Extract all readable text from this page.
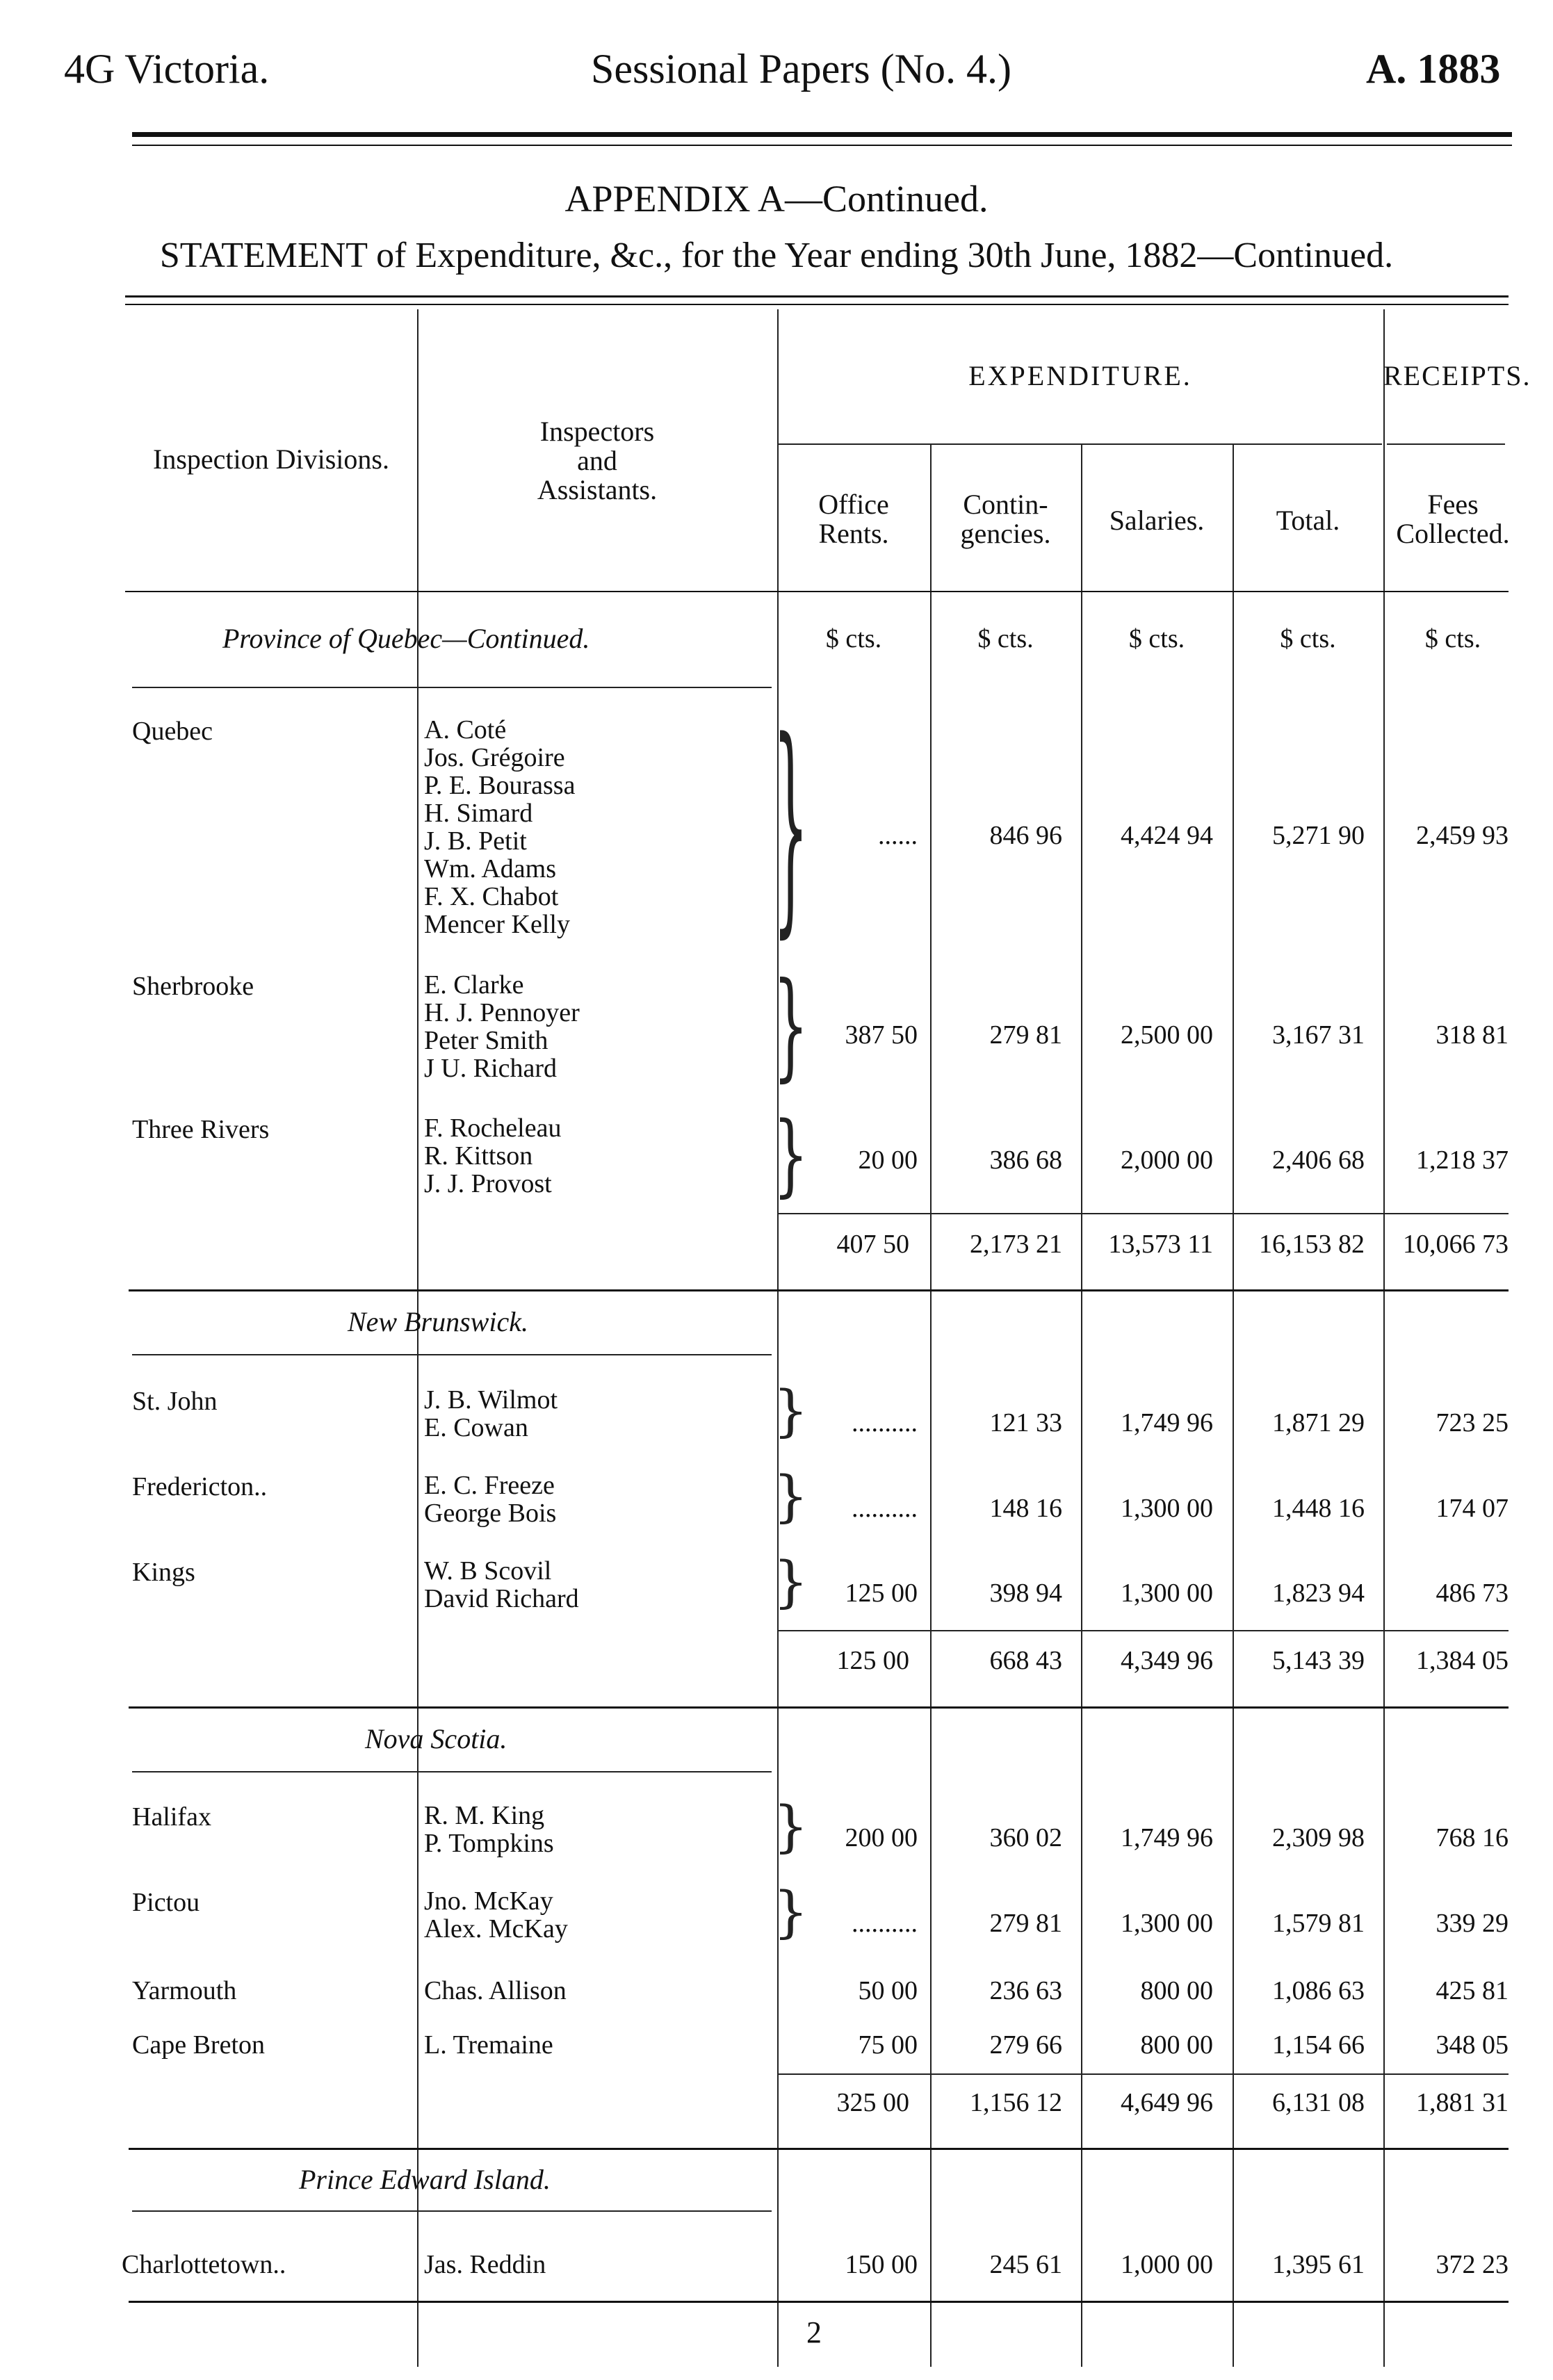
4G Victoria.	Sessional Papers (No. 4.)	A. 1883
APPENDIX A—Continued.
STATEMENT of Expenditure, &c., for the Year ending 30th June, 1882—Continued.
Inspection Divisions.
Inspectors
and
Assistants.
EXPENDITURE.	RECEIPTS.
Office
Rents.
Contin-
gencies.	Salaries.	Total.
Fees
Collected.
Province of Quebec—Continued.	$ cts.	$ cts.	$ cts.	$ cts.	$ cts.
Quebec	A. Coté
Jos. Grégoire
P. E. Bourassa
H. Simard
J. B. Petit
Wm. Adams
F. X. Chabot
Mencer Kelly	}	......	846 96	4,424 94	5,271 90	2,459 93
Sherbrooke	E. Clarke
H. J. Pennoyer
Peter Smith
J U. Richard	}	387 50	279 81	2,500 00	3,167 31	318 81
Three Rivers	F. Rocheleau
R. Kittson
J. J. Provost	}	20 00	386 68	2,000 00	2,406 68	1,218 37
407 50	2,173 21	13,573 11	16,153 82	10,066 73
New Brunswick.
St. John	J. B. Wilmot
E. Cowan	}	..........	121 33	1,749 96	1,871 29	723 25
Fredericton..	E. C. Freeze
George Bois	}	..........	148 16	1,300 00	1,448 16	174 07
Kings	W. B Scovil
David Richard	}	125 00	398 94	1,300 00	1,823 94	486 73
125 00	668 43	4,349 96	5,143 39	1,384 05
Nova Scotia.
Halifax	R. M. King
P. Tompkins	}	200 00	360 02	1,749 96	2,309 98	768 16
Pictou	Jno. McKay
Alex. McKay	}	..........	279 81	1,300 00	1,579 81	339 29
Yarmouth	Chas. Allison	50 00	236 63	800 00	1,086 63	425 81
Cape Breton	L. Tremaine	75 00	279 66	800 00	1,154 66	348 05
325 00	1,156 12	4,649 96	6,131 08	1,881 31
Prince Edward Island.
Charlottetown..	Jas. Reddin	150 00	245 61	1,000 00	1,395 61	372 23
2
